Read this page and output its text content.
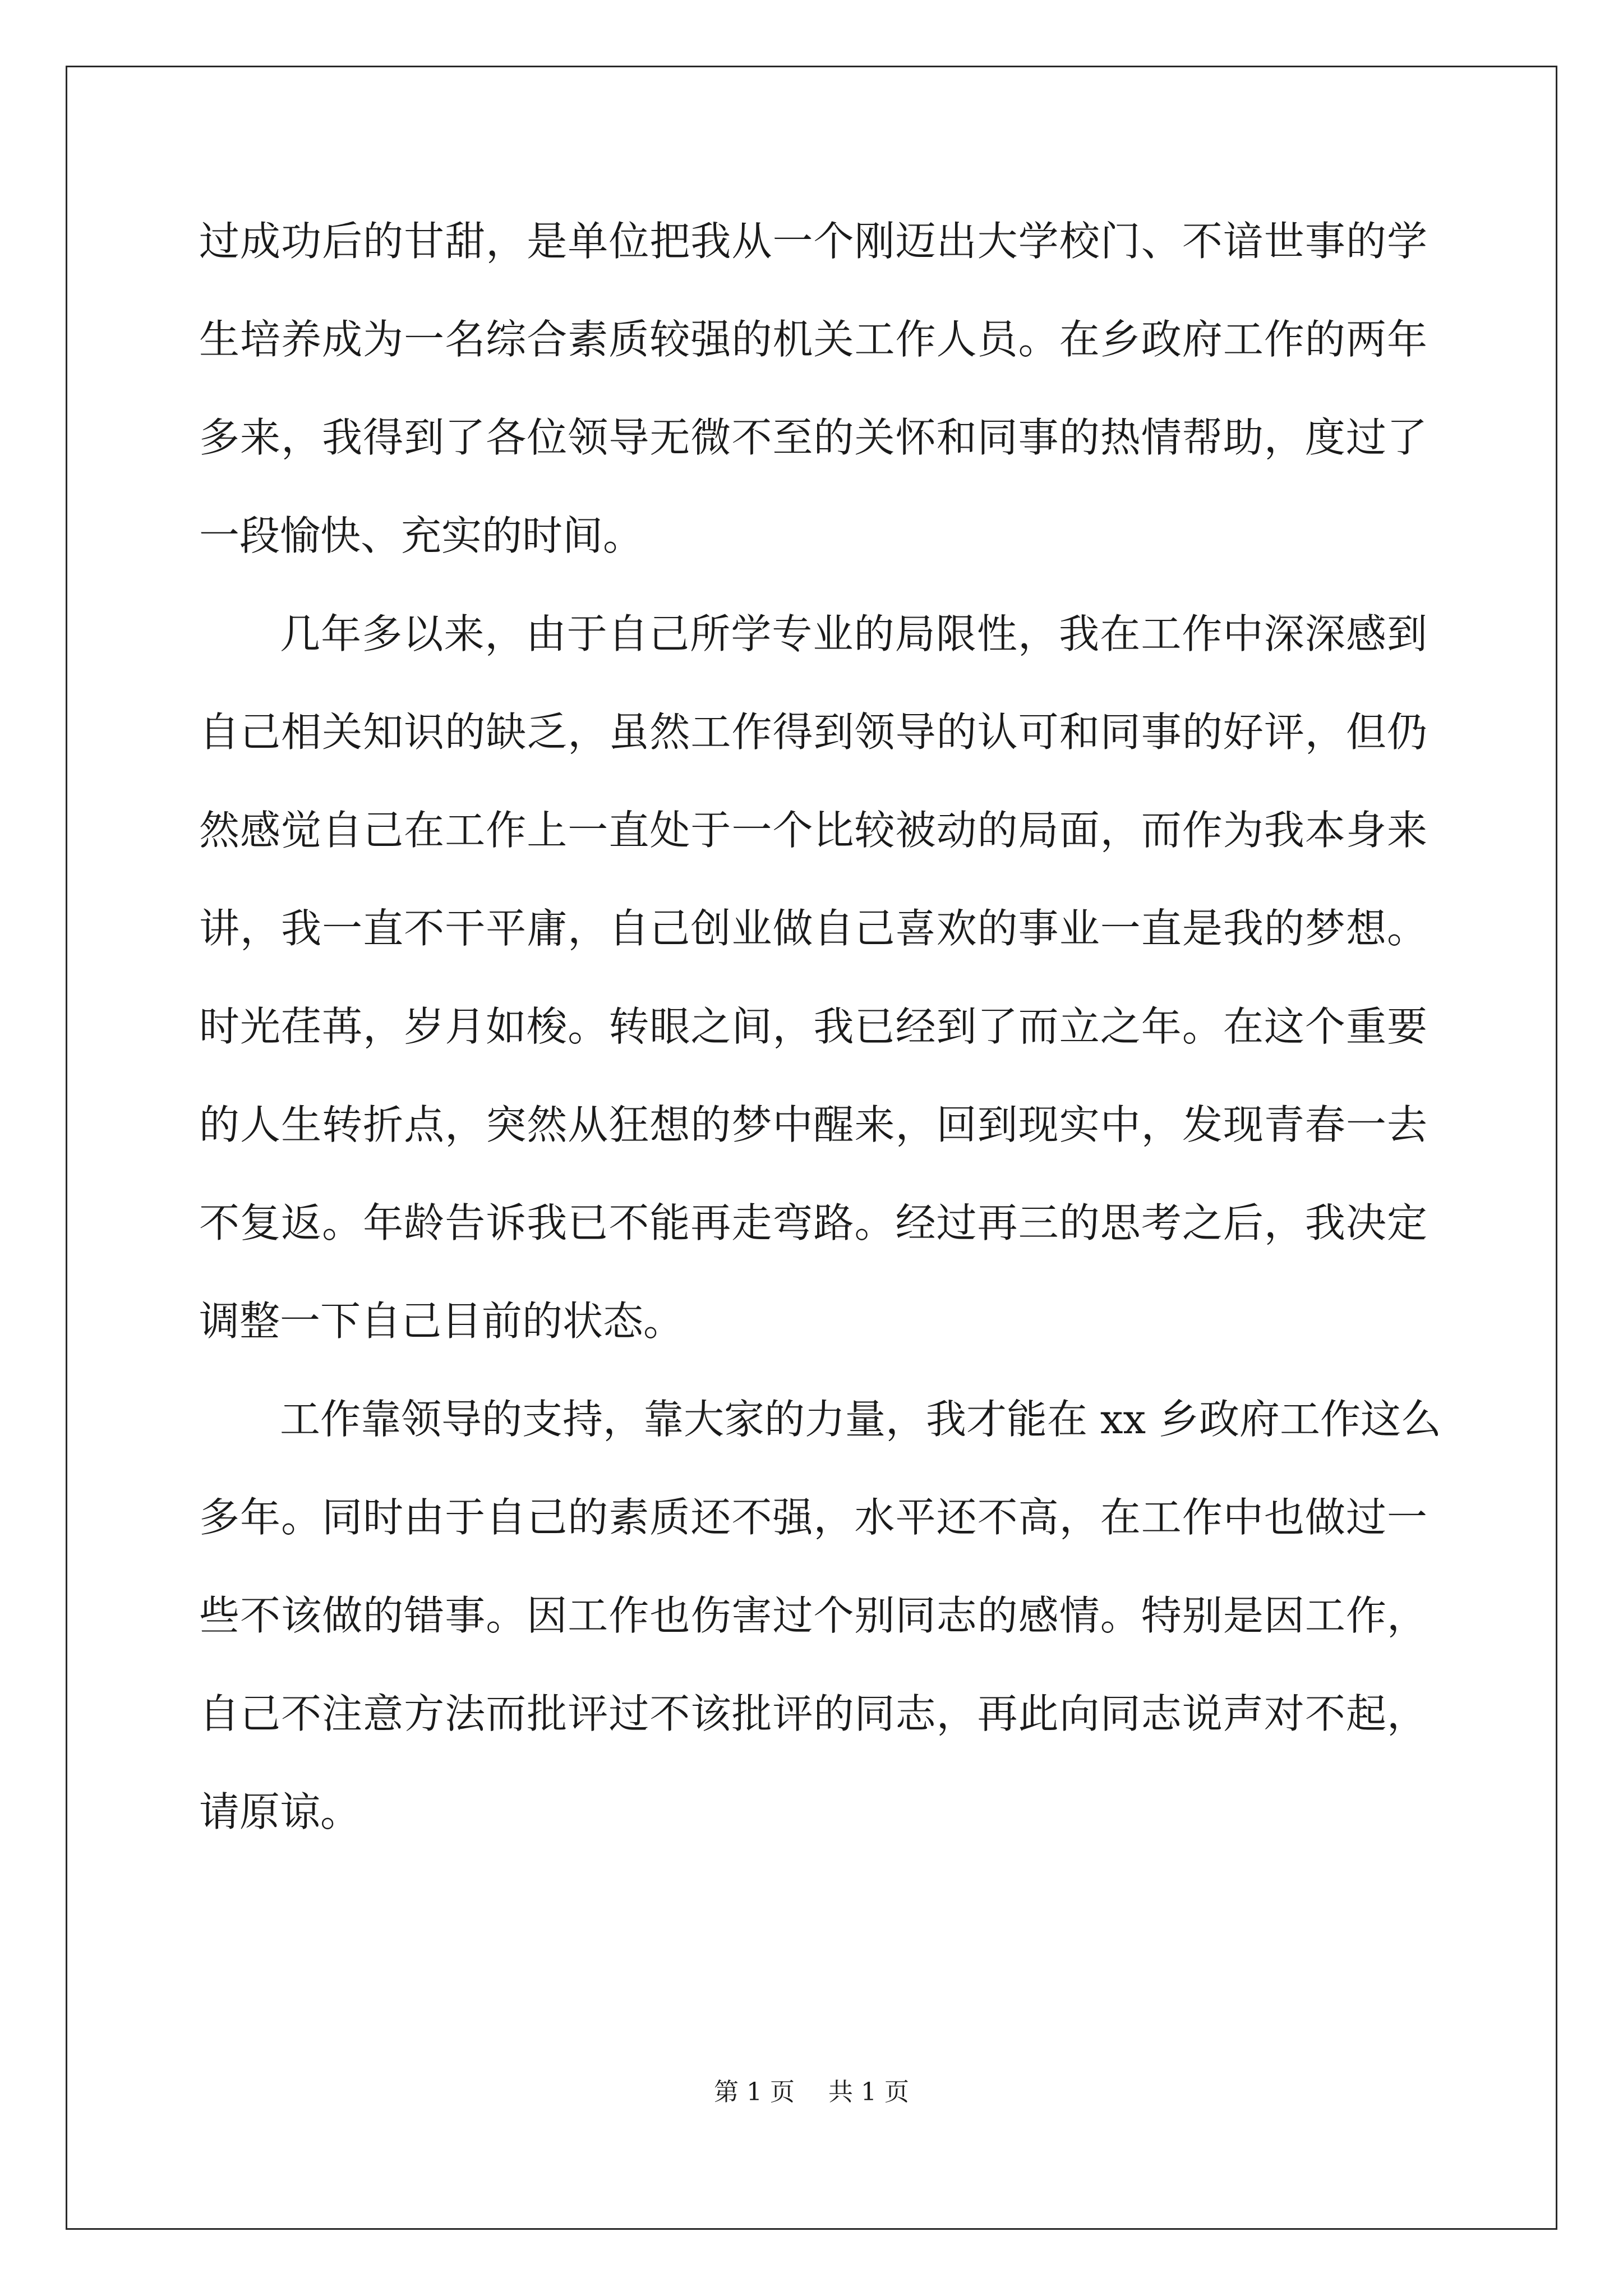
过成功后的甘甜，是单位把我从一个刚迈出大学校门、不谙世事的学
生培养成为一名综合素质较强的机关工作人员。在乡政府工作的两年
多来，我得到了各位领导无微不至的关怀和同事的热情帮助，度过了
一段愉快、充实的时间。
几年多以来，由于自己所学专业的局限性，我在工作中深深感到
自己相关知识的缺乏，虽然工作得到领导的认可和同事的好评，但仍
然感觉自己在工作上一直处于一个比较被动的局面，而作为我本身来
讲，我一直不干平庸，自己创业做自己喜欢的事业一直是我的梦想。
时光荏苒，岁月如梭。转眼之间，我已经到了而立之年。在这个重要
的人生转折点，突然从狂想的梦中醒来，回到现实中，发现青春一去
不复返。年龄告诉我已不能再走弯路。经过再三的思考之后，我决定
调整一下自己目前的状态。
工作靠领导的支持，靠大家的力量，我才能在 xx 乡政府工作这么
多年。同时由于自己的素质还不强，水平还不高，在工作中也做过一
些不该做的错事。因工作也伤害过个别同志的感情。特别是因工作，
自己不注意方法而批评过不该批评的同志，再此向同志说声对不起，
请原谅。
第 1 页 共 1 页
